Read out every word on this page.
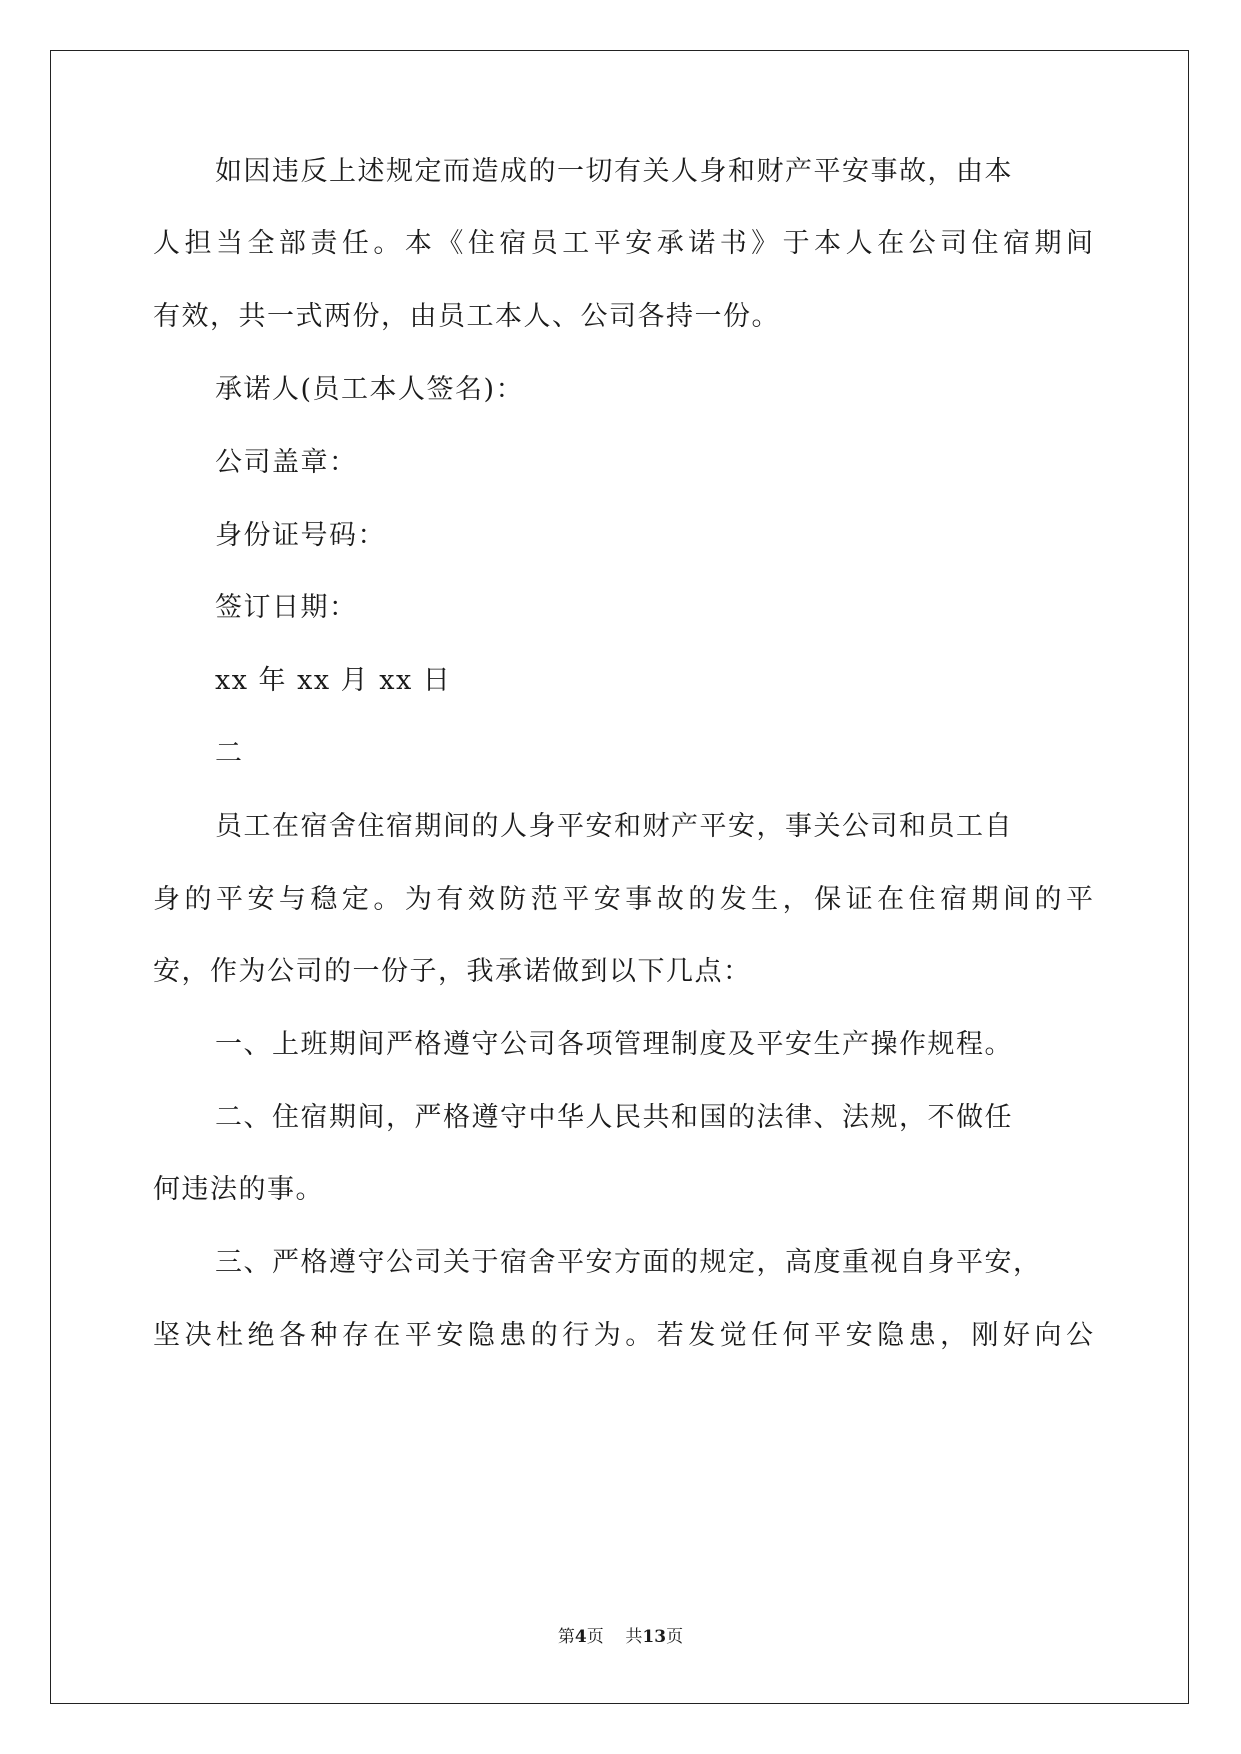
如因违反上述规定而造成的一切有关人身和财产平安事故，由本
人担当全部责任。本《住宿员工平安承诺书》于本人在公司住宿期间
有效，共一式两份，由员工本人、公司各持一份。
承诺人(员工本人签名)：
公司盖章：
身份证号码：
签订日期：
xx 年 xx 月 xx 日
二
员工在宿舍住宿期间的人身平安和财产平安，事关公司和员工自
身的平安与稳定。为有效防范平安事故的发生，保证在住宿期间的平
安，作为公司的一份子，我承诺做到以下几点：
一、上班期间严格遵守公司各项管理制度及平安生产操作规程。
二、住宿期间，严格遵守中华人民共和国的法律、法规，不做任
何违法的事。
三、严格遵守公司关于宿舍平安方面的规定，高度重视自身平安，
坚决杜绝各种存在平安隐患的行为。若发觉任何平安隐患，刚好向公
第4页 共13页
